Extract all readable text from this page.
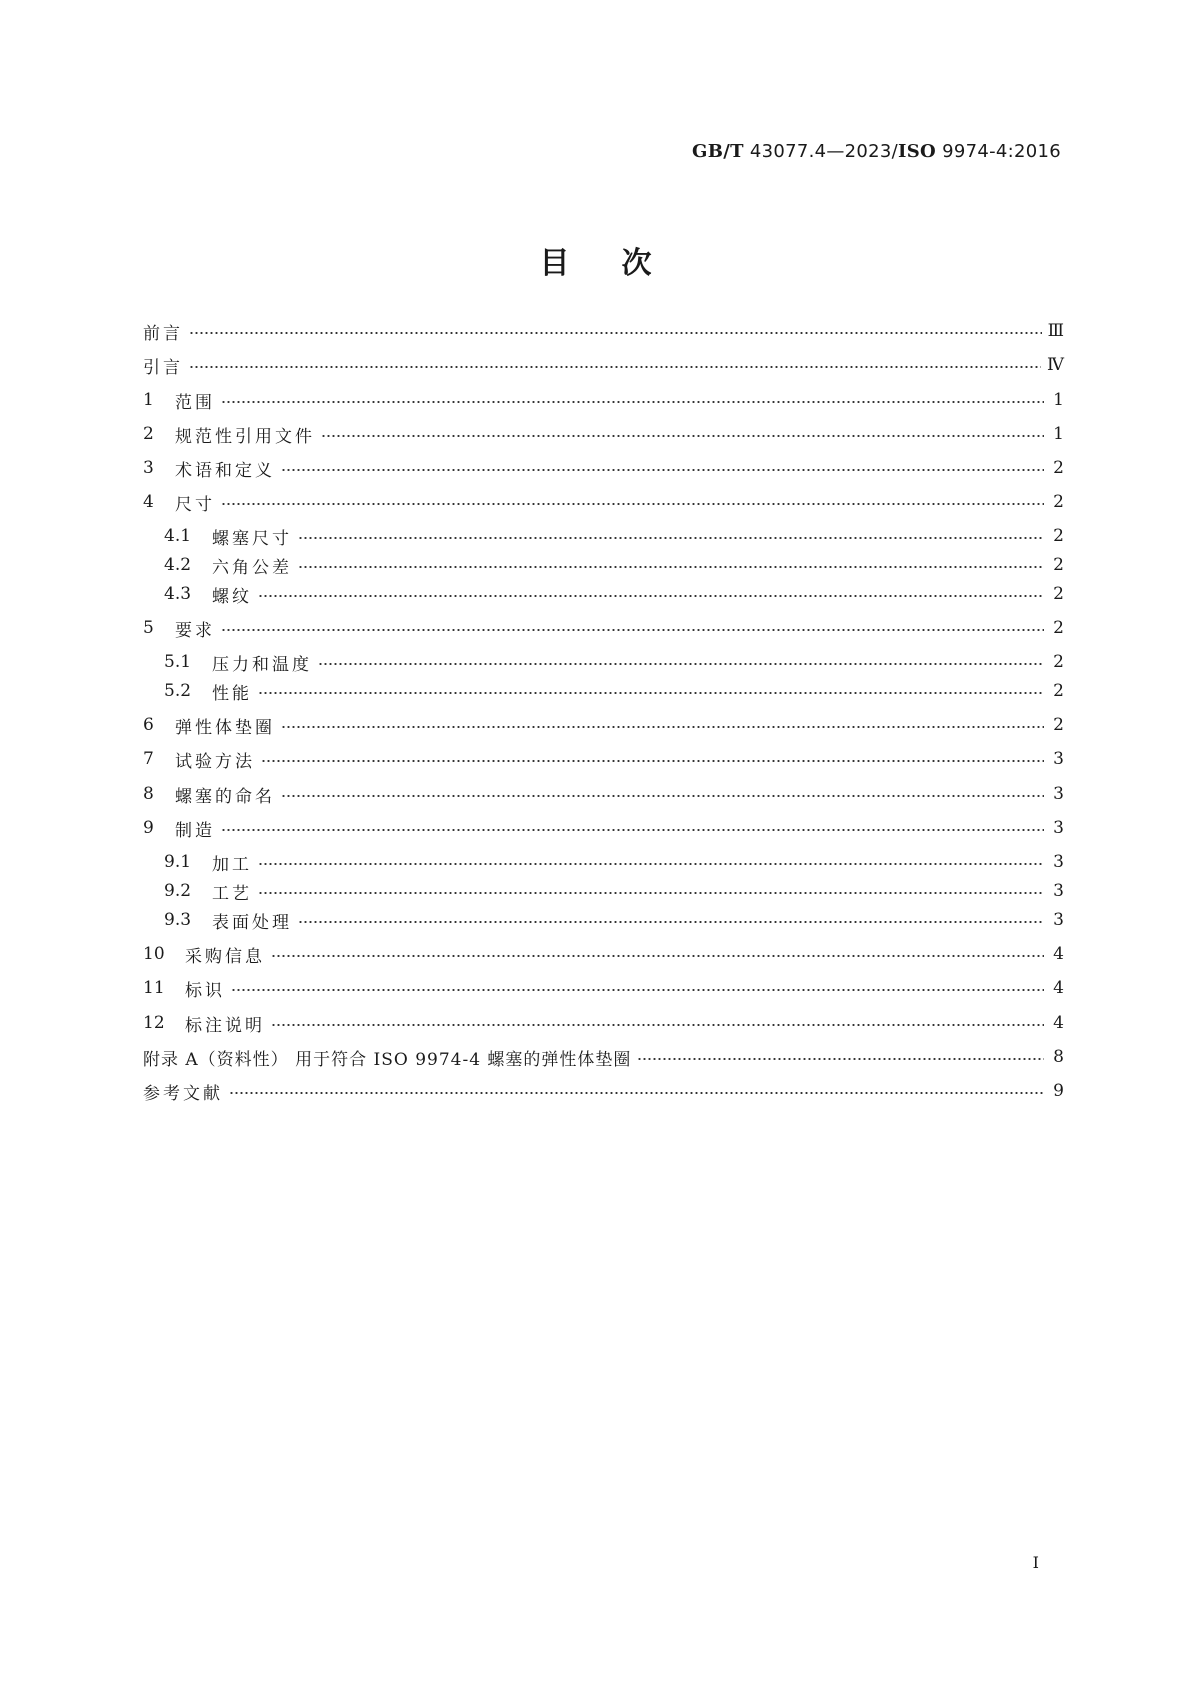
GB/T 43077.4—2023/ISO 9974-4:2016
目次
前言	Ⅲ
引言	Ⅳ
1	范围	1
2	规范性引用文件	1
3	术语和定义	2
4	尺寸	2
4.1	螺塞尺寸	2
4.2	六角公差	2
4.3	螺纹	2
5	要求	2
5.1	压力和温度	2
5.2	性能	2
6	弹性体垫圈	2
7	试验方法	3
8	螺塞的命名	3
9	制造	3
9.1	加工	3
9.2	工艺	3
9.3	表面处理	3
10	采购信息	4
11	标识	4
12	标注说明	4
附录 A（资料性） 用于符合 ISO 9974-4 螺塞的弹性体垫圈	8
参考文献	9
Ⅰ
